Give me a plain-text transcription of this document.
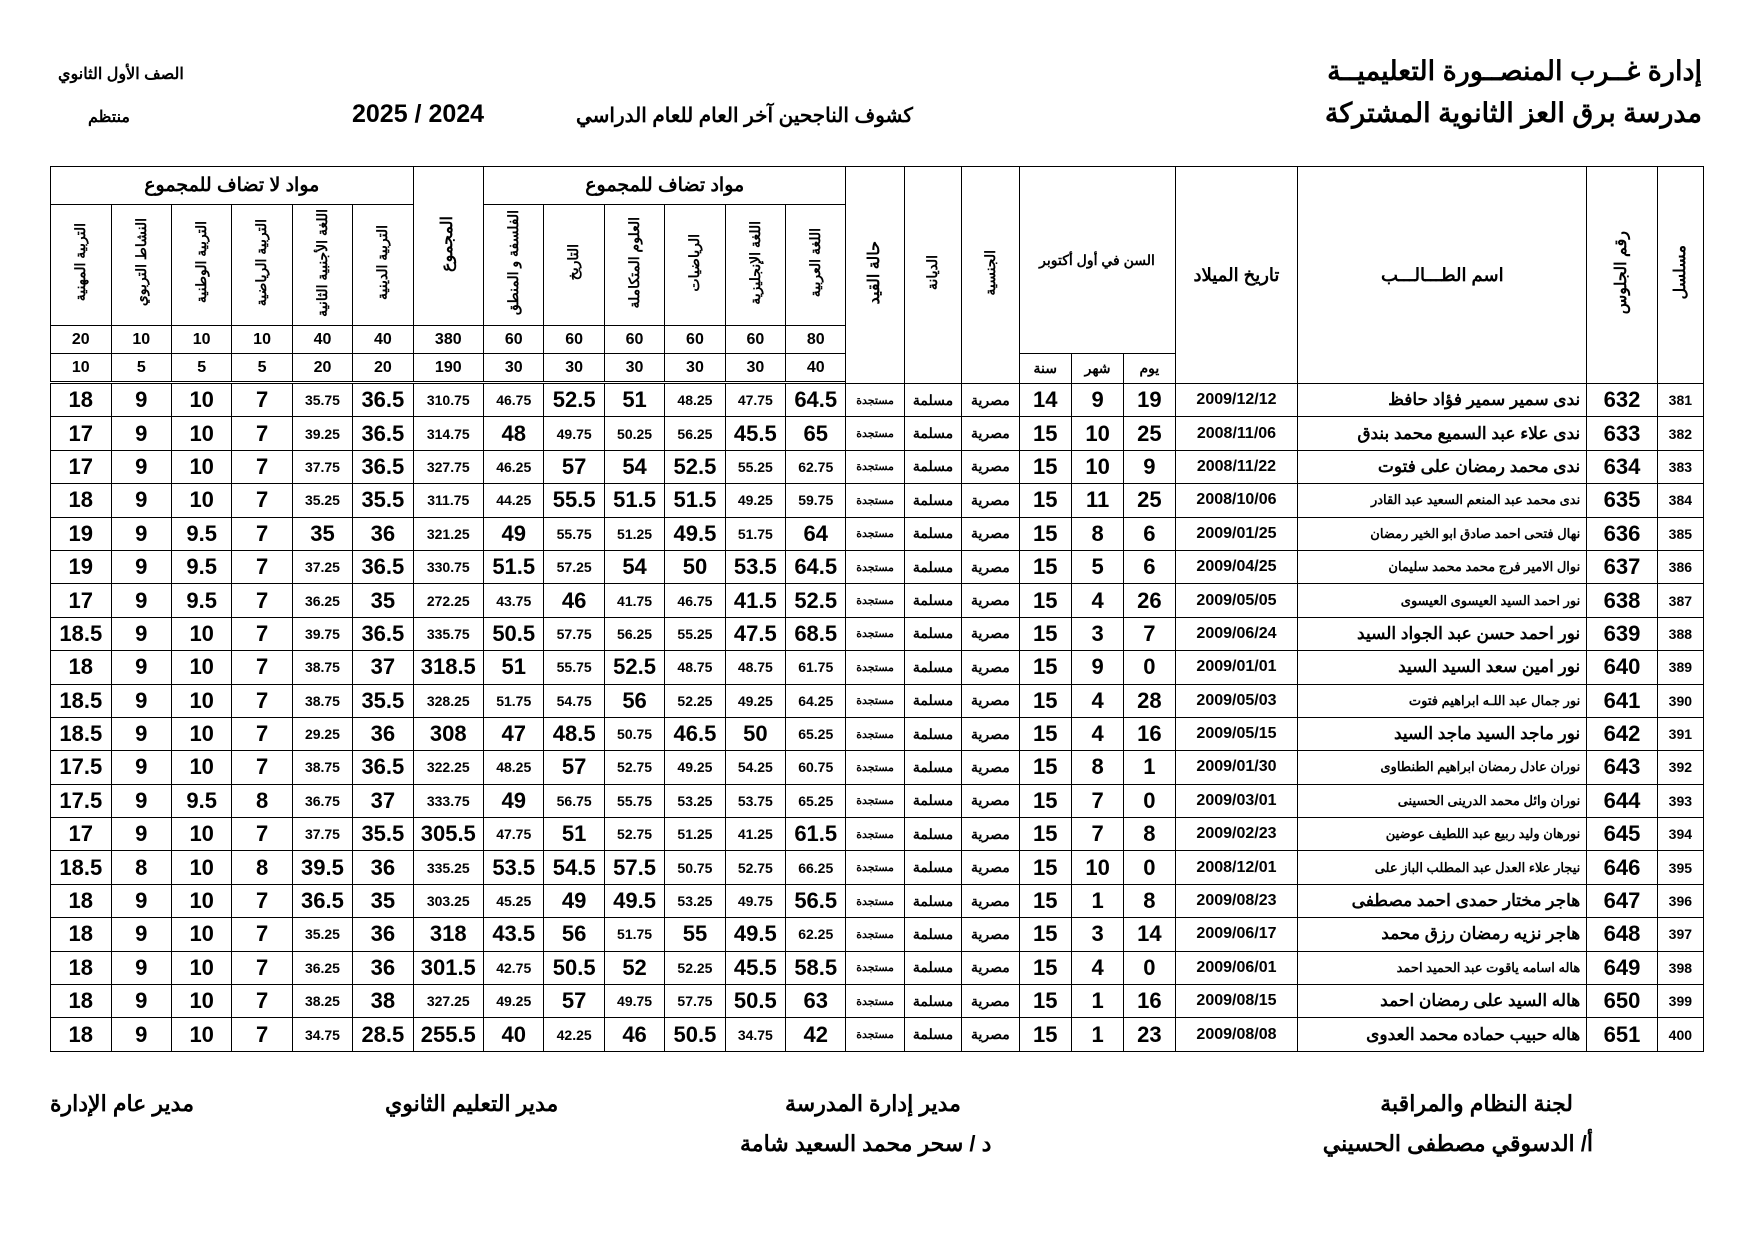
إدارة غــرب المنصــورة التعليميــة
مدرسة برق العز الثانوية المشتركة
كشوف الناجحين آخر العام للعام الدراسي
2025 / 2024
الصف الأول الثانوي
منتظم
مسلسل	رقم الجلوس	اسم الطـــالـــب	تاريخ الميلاد	السن في أول أكتوبر			الجنسية	الديانة	حالة القيد	مواد تضاف للمجموع						المجموع	مواد لا تضاف للمجموع					
										اللغة العربية	اللغة الإنجليزية	الرياضيات	العلوم المتكاملة	التاريخ	الفلسفة و المنطق		التربية الدينية	اللغة الأجنبية الثانية	التربية الرياضية	التربية الوطنية	النشاط التربوي	التربية المهنية
										80	60	60	60	60	60	380	40	40	10	10	10	20
				يوم	شهر	سنة				40	30	30	30	30	30	190	20	20	5	5	5	10

381	632	ندى سمير سمير فؤاد حافظ	2009/12/12	19	9	14	مصرية	مسلمة	مستجدة	64.5	47.75	48.25	51	52.5	46.75	310.75	36.5	35.75	7	10	9	18
382	633	ندى علاء عبد السميع محمد بندق	2008/11/06	25	10	15	مصرية	مسلمة	مستجدة	65	45.5	56.25	50.25	49.75	48	314.75	36.5	39.25	7	10	9	17
383	634	ندى محمد رمضان على فتوت	2008/11/22	9	10	15	مصرية	مسلمة	مستجدة	62.75	55.25	52.5	54	57	46.25	327.75	36.5	37.75	7	10	9	17
384	635	ندى محمد عبد المنعم السعيد عبد القادر	2008/10/06	25	11	15	مصرية	مسلمة	مستجدة	59.75	49.25	51.5	51.5	55.5	44.25	311.75	35.5	35.25	7	10	9	18
385	636	نهال فتحى احمد صادق ابو الخير رمضان	2009/01/25	6	8	15	مصرية	مسلمة	مستجدة	64	51.75	49.5	51.25	55.75	49	321.25	36	35	7	9.5	9	19
386	637	نوال الامير فرج محمد محمد سليمان	2009/04/25	6	5	15	مصرية	مسلمة	مستجدة	64.5	53.5	50	54	57.25	51.5	330.75	36.5	37.25	7	9.5	9	19
387	638	نور احمد السيد العيسوى العيسوى	2009/05/05	26	4	15	مصرية	مسلمة	مستجدة	52.5	41.5	46.75	41.75	46	43.75	272.25	35	36.25	7	9.5	9	17
388	639	نور احمد حسن عبد الجواد السيد	2009/06/24	7	3	15	مصرية	مسلمة	مستجدة	68.5	47.5	55.25	56.25	57.75	50.5	335.75	36.5	39.75	7	10	9	18.5
389	640	نور امين سعد السيد السيد	2009/01/01	0	9	15	مصرية	مسلمة	مستجدة	61.75	48.75	48.75	52.5	55.75	51	318.5	37	38.75	7	10	9	18
390	641	نور جمال عبد اللـه ابراهيم فتوت	2009/05/03	28	4	15	مصرية	مسلمة	مستجدة	64.25	49.25	52.25	56	54.75	51.75	328.25	35.5	38.75	7	10	9	18.5
391	642	نور ماجد السيد ماجد السيد	2009/05/15	16	4	15	مصرية	مسلمة	مستجدة	65.25	50	46.5	50.75	48.5	47	308	36	29.25	7	10	9	18.5
392	643	نوران عادل رمضان ابراهيم الطنطاوى	2009/01/30	1	8	15	مصرية	مسلمة	مستجدة	60.75	54.25	49.25	52.75	57	48.25	322.25	36.5	38.75	7	10	9	17.5
393	644	نوران وائل محمد الدرينى الحسينى	2009/03/01	0	7	15	مصرية	مسلمة	مستجدة	65.25	53.75	53.25	55.75	56.75	49	333.75	37	36.75	8	9.5	9	17.5
394	645	نورهان وليد ربيع عبد اللطيف عوضين	2009/02/23	8	7	15	مصرية	مسلمة	مستجدة	61.5	41.25	51.25	52.75	51	47.75	305.5	35.5	37.75	7	10	9	17
395	646	نيجار علاء العدل عبد المطلب الباز على	2008/12/01	0	10	15	مصرية	مسلمة	مستجدة	66.25	52.75	50.75	57.5	54.5	53.5	335.25	36	39.5	8	10	8	18.5
396	647	هاجر مختار حمدى احمد مصطفى	2009/08/23	8	1	15	مصرية	مسلمة	مستجدة	56.5	49.75	53.25	49.5	49	45.25	303.25	35	36.5	7	10	9	18
397	648	هاجر نزيه رمضان رزق محمد	2009/06/17	14	3	15	مصرية	مسلمة	مستجدة	62.25	49.5	55	51.75	56	43.5	318	36	35.25	7	10	9	18
398	649	هاله اسامه ياقوت عبد الحميد احمد	2009/06/01	0	4	15	مصرية	مسلمة	مستجدة	58.5	45.5	52.25	52	50.5	42.75	301.5	36	36.25	7	10	9	18
399	650	هاله السيد على رمضان احمد	2009/08/15	16	1	15	مصرية	مسلمة	مستجدة	63	50.5	57.75	49.75	57	49.25	327.25	38	38.25	7	10	9	18
400	651	هاله حبيب حماده محمد العدوى	2009/08/08	23	1	15	مصرية	مسلمة	مستجدة	42	34.75	50.5	46	42.25	40	255.5	28.5	34.75	7	10	9	18
لجنة النظام والمراقبة
أ/ الدسوقي مصطفى الحسيني
مدير إدارة المدرسة
د / سحر محمد السعيد شامة
مدير التعليم الثانوي
مدير عام الإدارة
